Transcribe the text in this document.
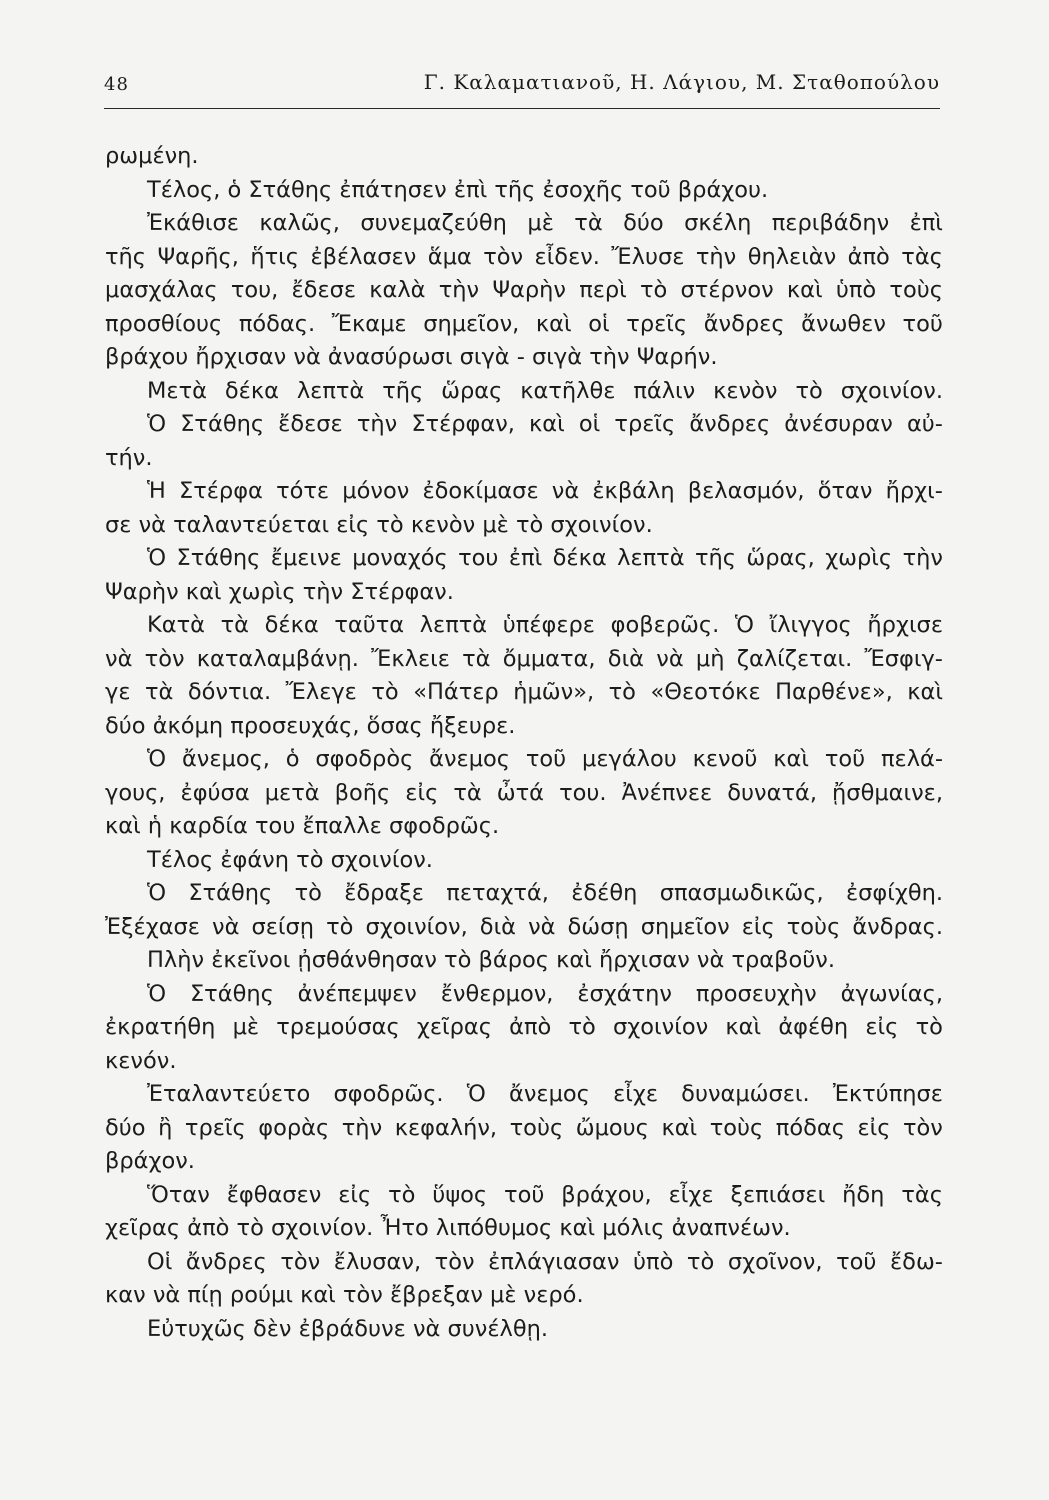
48	Γ. Καλαματιανοῦ, Η. Λάγιου, Μ. Σταθοπούλου
ρωμένη.
Τέλος, ὁ Στάθης ἐπάτησεν ἐπὶ τῆς ἐσοχῆς τοῦ βράχου.
Ἐκάθισε καλῶς, συνεμαζεύθη μὲ τὰ δύο σκέλη περιβάδην ἐπὶ
τῆς Ψαρῆς, ἥτις ἐβέλασεν ἅμα τὸν εἶδεν. Ἔλυσε τὴν θηλειὰν ἀπὸ τὰς
μασχάλας του, ἔδεσε καλὰ τὴν Ψαρὴν περὶ τὸ στέρνον καὶ ὑπὸ τοὺς
προσθίους πόδας. Ἔκαμε σημεῖον, καὶ οἱ τρεῖς ἄνδρες ἄνωθεν τοῦ
βράχου ἤρχισαν νὰ ἀνασύρωσι σιγὰ - σιγὰ τὴν Ψαρήν.
Μετὰ δέκα λεπτὰ τῆς ὥρας κατῆλθε πάλιν κενὸν τὸ σχοινίον.
Ὁ Στάθης ἔδεσε τὴν Στέρφαν, καὶ οἱ τρεῖς ἄνδρες ἀνέσυραν αὐ-
τήν.
Ἡ Στέρφα τότε μόνον ἐδοκίμασε νὰ ἐκβάλη βελασμόν, ὅταν ἤρχι-
σε νὰ ταλαντεύεται εἰς τὸ κενὸν μὲ τὸ σχοινίον.
Ὁ Στάθης ἔμεινε μοναχός του ἐπὶ δέκα λεπτὰ τῆς ὥρας, χωρὶς τὴν
Ψαρὴν καὶ χωρὶς τὴν Στέρφαν.
Κατὰ τὰ δέκα ταῦτα λεπτὰ ὑπέφερε φοβερῶς. Ὁ ἴλιγγος ἤρχισε
νὰ τὸν καταλαμβάνῃ. Ἔκλειε τὰ ὄμματα, διὰ νὰ μὴ ζαλίζεται. Ἔσφιγ-
γε τὰ δόντια. Ἔλεγε τὸ «Πάτερ ἡμῶν», τὸ «Θεοτόκε Παρθένε», καὶ
δύο ἀκόμη προσευχάς, ὅσας ἤξευρε.
Ὁ ἄνεμος, ὁ σφοδρὸς ἄνεμος τοῦ μεγάλου κενοῦ καὶ τοῦ πελά-
γους, ἐφύσα μετὰ βοῆς εἰς τὰ ὦτά του. Ἀνέπνεε δυνατά, ᾔσθμαινε,
καὶ ἡ καρδία του ἔπαλλε σφοδρῶς.
Τέλος ἐφάνη τὸ σχοινίον.
Ὁ Στάθης τὸ ἔδραξε πεταχτά, ἐδέθη σπασμωδικῶς, ἐσφίχθη.
Ἐξέχασε νὰ σείσῃ τὸ σχοινίον, διὰ νὰ δώσῃ σημεῖον εἰς τοὺς ἄνδρας.
Πλὴν ἐκεῖνοι ᾐσθάνθησαν τὸ βάρος καὶ ἤρχισαν νὰ τραβοῦν.
Ὁ Στάθης ἀνέπεμψεν ἔνθερμον, ἐσχάτην προσευχὴν ἀγωνίας,
ἐκρατήθη μὲ τρεμούσας χεῖρας ἀπὸ τὸ σχοινίον καὶ ἀφέθη εἰς τὸ
κενόν.
Ἐταλαντεύετο σφοδρῶς. Ὁ ἄνεμος εἶχε δυναμώσει. Ἐκτύπησε
δύο ἢ τρεῖς φορὰς τὴν κεφαλήν, τοὺς ὤμους καὶ τοὺς πόδας εἰς τὸν
βράχον.
Ὅταν ἔφθασεν εἰς τὸ ὕψος τοῦ βράχου, εἶχε ξεπιάσει ἤδη τὰς
χεῖρας ἀπὸ τὸ σχοινίον. Ἦτο λιπόθυμος καὶ μόλις ἀναπνέων.
Οἱ ἄνδρες τὸν ἔλυσαν, τὸν ἐπλάγιασαν ὑπὸ τὸ σχοῖνον, τοῦ ἔδω-
καν νὰ πίῃ ρούμι καὶ τὸν ἔβρεξαν μὲ νερό.
Εὐτυχῶς δὲν ἐβράδυνε νὰ συνέλθῃ.
